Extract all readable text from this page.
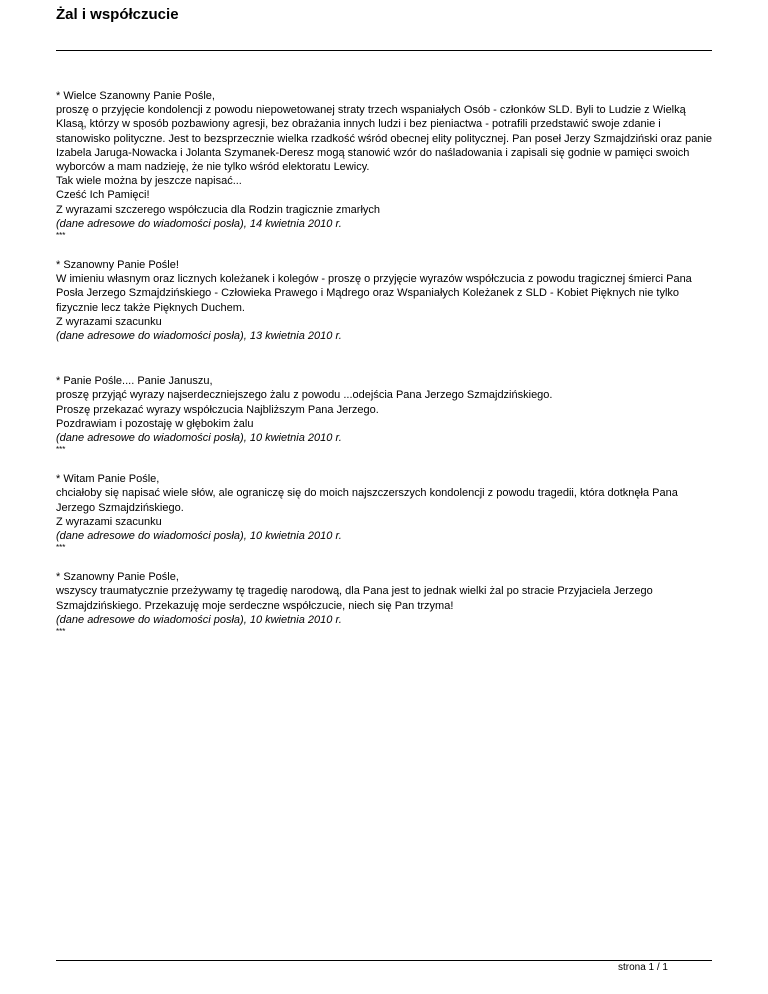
Żal i współczucie

* Wielce Szanowny Panie Pośle,

proszę o przyjęcie kondolencji z powodu niepowetowanej straty trzech wspaniałych Osób - członków SLD. Byli to Ludzie z Wielką Klasą, którzy w sposób pozbawiony agresji, bez obrażania innych ludzi i bez pieniactwa - potrafili przedstawić swoje zdanie i stanowisko polityczne. Jest to bezsprzecznie wielka rzadkość wśród obecnej elity politycznej. Pan poseł Jerzy Szmajdziński oraz panie Izabela Jaruga-Nowacka i Jolanta Szymanek-Deresz mogą stanowić wzór do naśladowania i zapisali się godnie w pamięci swoich wyborców a mam nadzieję, że nie tylko wśród elektoratu Lewicy.

Tak wiele można by jeszcze napisać...

Cześć Ich Pamięci!

Z wyrazami szczerego współczucia dla Rodzin tragicznie zmarłych

(dane adresowe do wiadomości posła), 14 kwietnia 2010 r.

***

* Szanowny Panie Pośle!

W imieniu własnym oraz licznych koleżanek i kolegów - proszę o przyjęcie wyrazów współczucia z powodu tragicznej śmierci Pana Posła Jerzego Szmajdzińskiego - Człowieka Prawego i Mądrego oraz Wspaniałych Koleżanek z SLD - Kobiet Pięknych nie tylko fizycznie lecz także Pięknych Duchem.

Z wyrazami szacunku

(dane adresowe do wiadomości posła), 13 kwietnia 2010 r.

* Panie Pośle.... Panie Januszu,

proszę przyjąć wyrazy najserdeczniejszego żalu z powodu ...odejścia Pana Jerzego Szmajdzińskiego.

Proszę przekazać wyrazy współczucia Najbliższym Pana Jerzego.

Pozdrawiam i pozostaję w głębokim żalu

(dane adresowe do wiadomości posła), 10 kwietnia 2010 r.

***

* Witam Panie Pośle,

chciałoby się napisać wiele słów, ale ograniczę się do moich najszczerszych kondolencji z powodu tragedii, która dotknęła Pana Jerzego Szmajdzińskiego.

Z wyrazami szacunku

(dane adresowe do wiadomości posła), 10 kwietnia 2010 r.

***

* Szanowny Panie Pośle,

wszyscy traumatycznie przeżywamy tę tragedię narodową, dla Pana jest to jednak wielki żal po stracie Przyjaciela Jerzego Szmajdzińskiego. Przekazuję moje serdeczne współczucie, niech się Pan trzyma!

(dane adresowe do wiadomości posła), 10 kwietnia 2010 r.

***

strona 1 / 1
